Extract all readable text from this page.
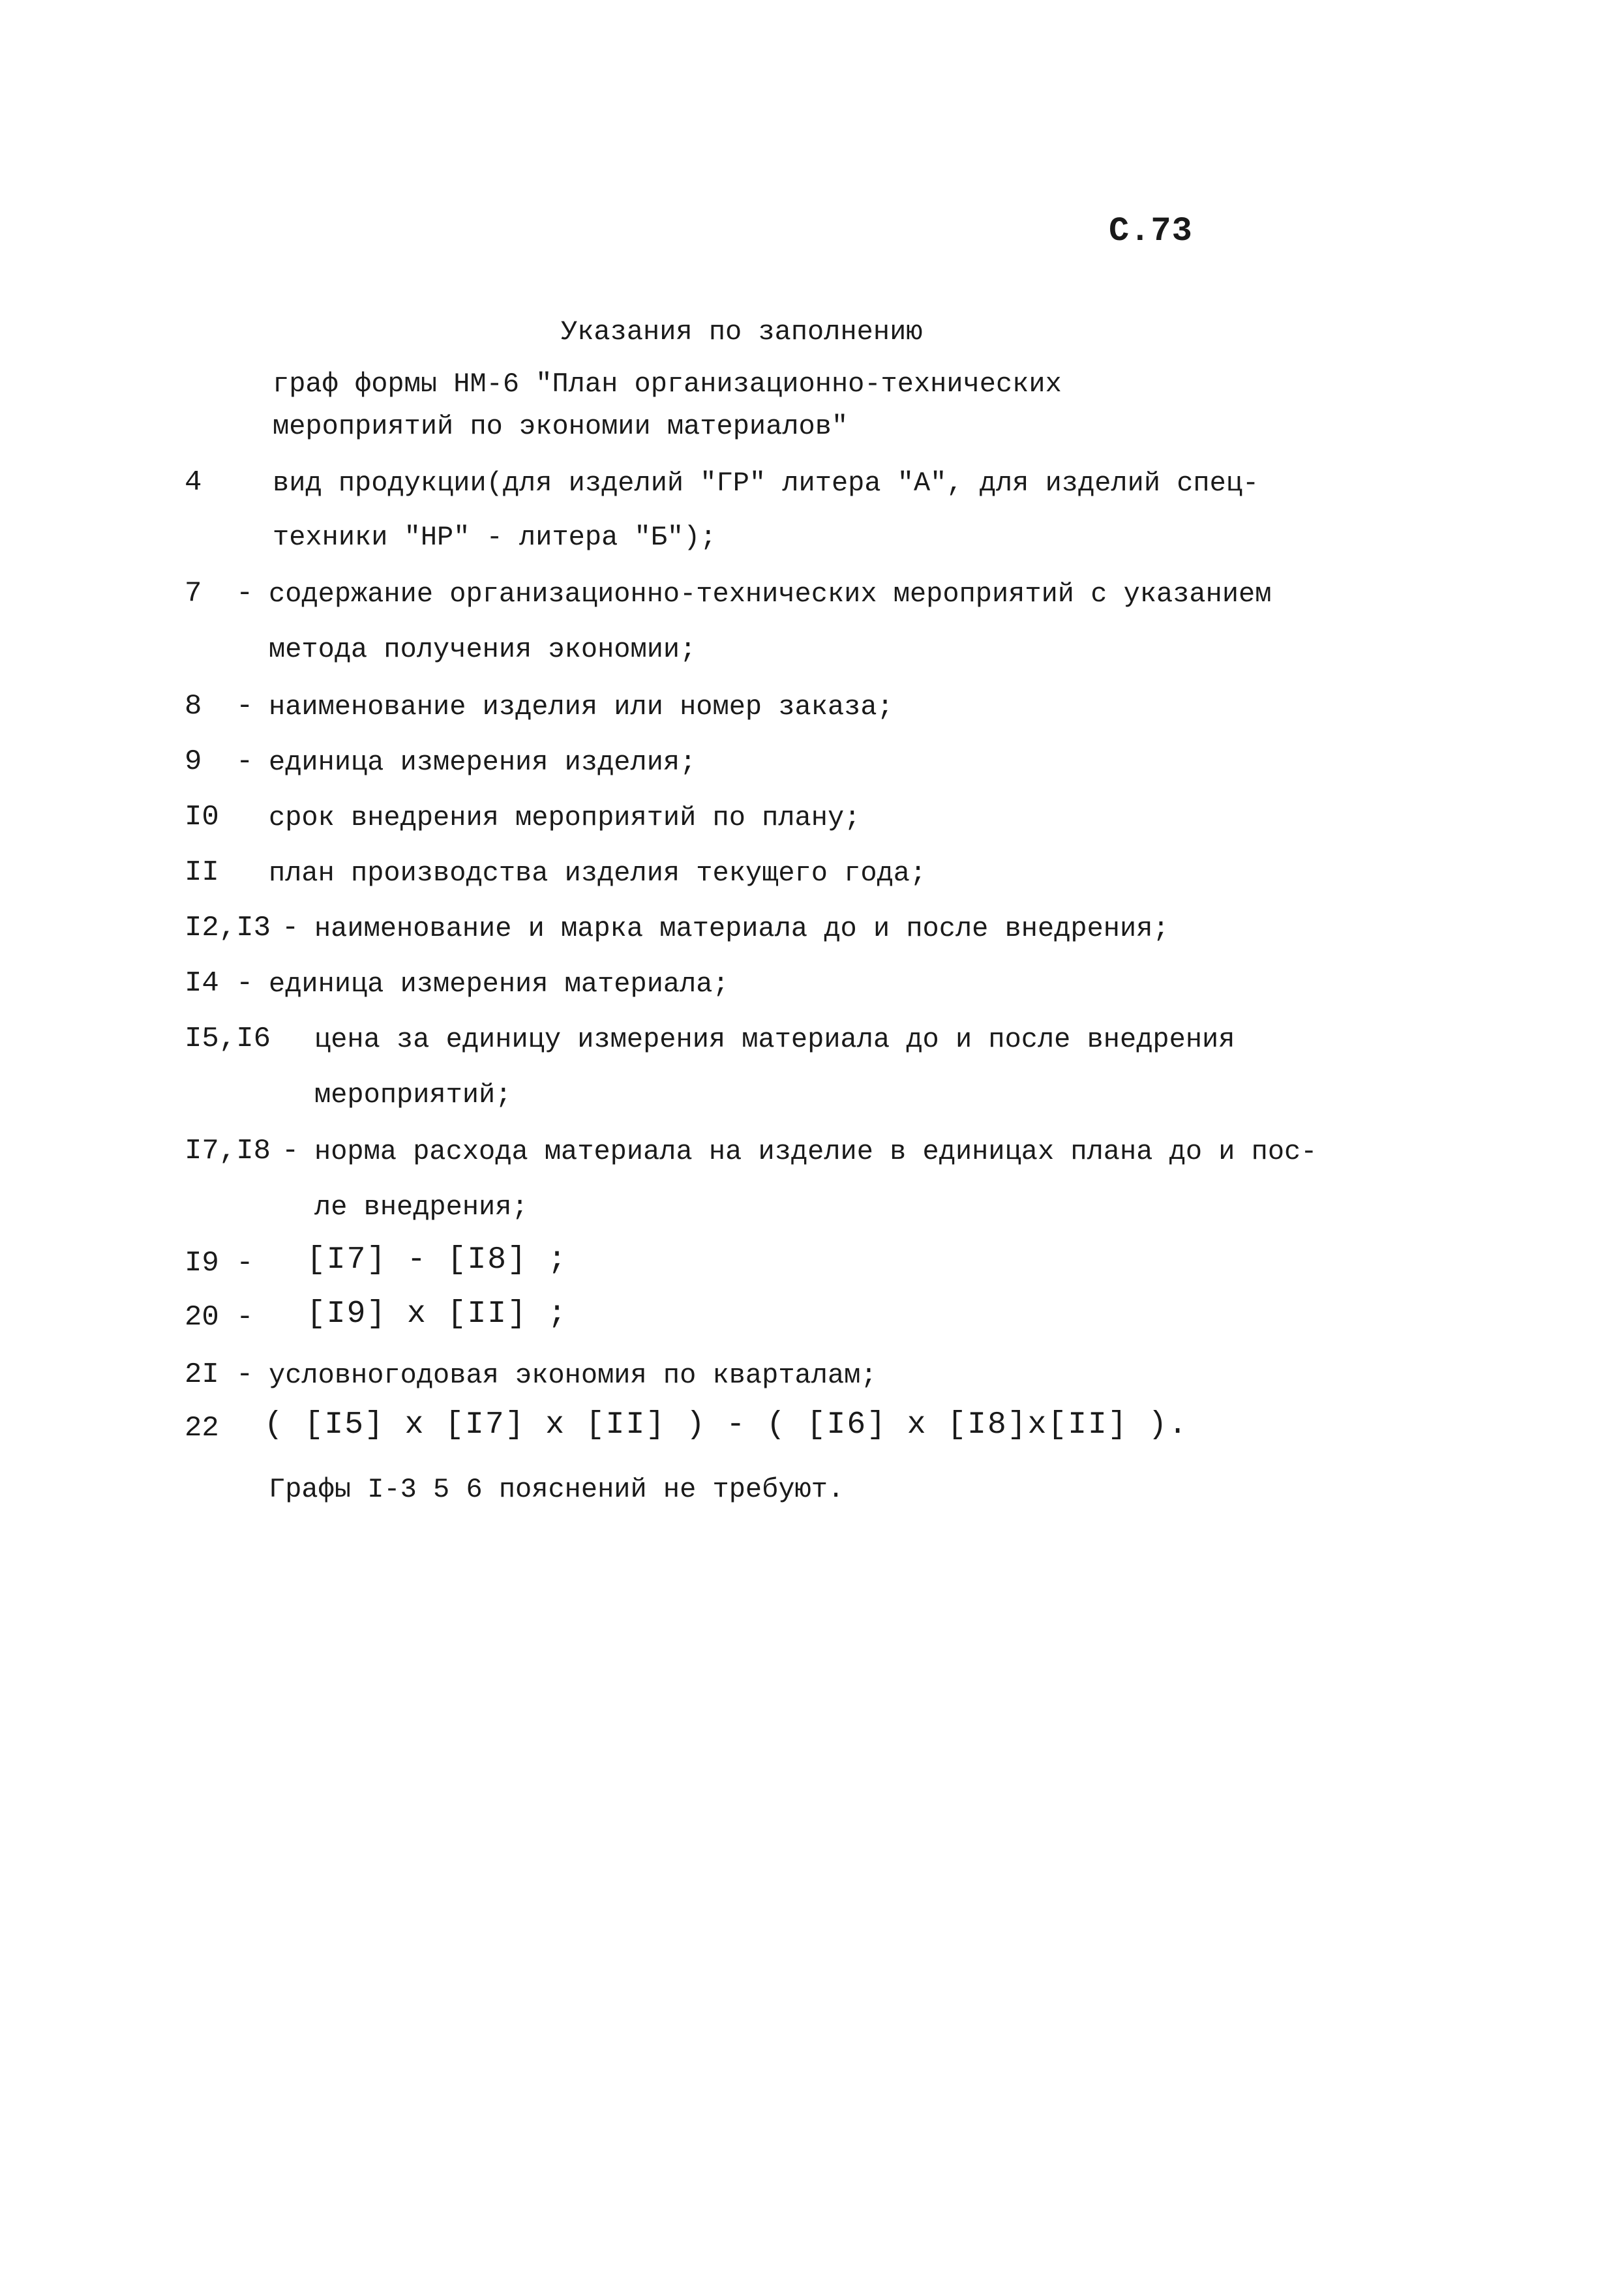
С.73
Указания по заполнению
граф формы НМ-6 "План организационно-технических
мероприятий по экономии материалов"
4	вид продукции(для изделий "ГР" литера "А", для изделий спец-
техники "НР" - литера "Б");
7 - содержание организационно-технических мероприятий с указанием
метода получения экономии;
8 - наименование изделия или номер заказа;
9 - единица измерения изделия;
I0 срок внедрения мероприятий по плану;
II план производства изделия текущего года;
I2,I3 - наименование и марка материала до и после внедрения;
I4 - единица измерения материала;
I5,I6 цена за единицу измерения материала до и после внедрения
мероприятий;
I7,I8 - норма расхода материала на изделие в единицах плана до и пос-
ле внедрения;
I9 - [I7] - [I8] ;
20 - [I9] x [II] ;
2I - условногодовая экономия по кварталам;
22 ( [I5] x [I7] x [II] ) - ( [I6] x [I8]x[II] ).
Графы I-3 5 6 пояснений не требуют.
